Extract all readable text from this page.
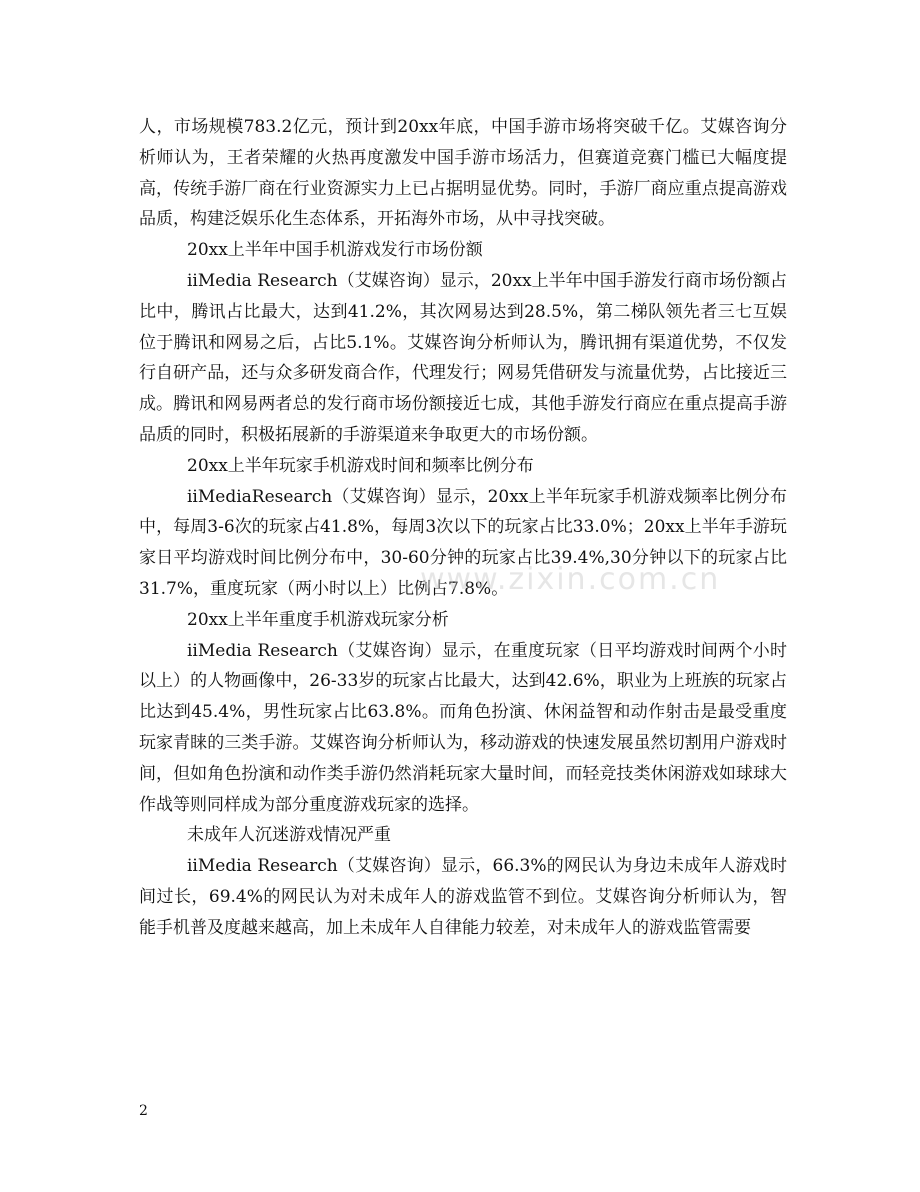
人，市场规模783.2亿元，预计到20xx年底，中国手游市场将突破千亿。艾媒咨询分析师认为，王者荣耀的火热再度激发中国手游市场活力，但赛道竞赛门槛已大幅度提高，传统手游厂商在行业资源实力上已占据明显优势。同时，手游厂商应重点提高游戏品质，构建泛娱乐化生态体系，开拓海外市场，从中寻找突破。

20xx上半年中国手机游戏发行市场份额

iiMedia Research（艾媒咨询）显示，20xx上半年中国手游发行商市场份额占比中，腾讯占比最大，达到41.2%，其次网易达到28.5%，第二梯队领先者三七互娱位于腾讯和网易之后，占比5.1%。艾媒咨询分析师认为，腾讯拥有渠道优势，不仅发行自研产品，还与众多研发商合作，代理发行；网易凭借研发与流量优势，占比接近三成。腾讯和网易两者总的发行商市场份额接近七成，其他手游发行商应在重点提高手游品质的同时，积极拓展新的手游渠道来争取更大的市场份额。

20xx上半年玩家手机游戏时间和频率比例分布

iiMediaResearch（艾媒咨询）显示，20xx上半年玩家手机游戏频率比例分布中，每周3-6次的玩家占41.8%，每周3次以下的玩家占比33.0%；20xx上半年手游玩家日平均游戏时间比例分布中，30-60分钟的玩家占比39.4%,30分钟以下的玩家占比31.7%，重度玩家（两小时以上）比例占7.8%。

20xx上半年重度手机游戏玩家分析

iiMedia Research（艾媒咨询）显示，在重度玩家（日平均游戏时间两个小时以上）的人物画像中，26-33岁的玩家占比最大，达到42.6%，职业为上班族的玩家占比达到45.4%，男性玩家占比63.8%。而角色扮演、休闲益智和动作射击是最受重度玩家青睐的三类手游。艾媒咨询分析师认为，移动游戏的快速发展虽然切割用户游戏时间，但如角色扮演和动作类手游仍然消耗玩家大量时间，而轻竞技类休闲游戏如球球大作战等则同样成为部分重度游戏玩家的选择。

未成年人沉迷游戏情况严重

iiMedia Research（艾媒咨询）显示，66.3%的网民认为身边未成年人游戏时间过长，69.4%的网民认为对未成年人的游戏监管不到位。艾媒咨询分析师认为，智能手机普及度越来越高，加上未成年人自律能力较差，对未成年人的游戏监管需要

www.zixin.com.cn
2
